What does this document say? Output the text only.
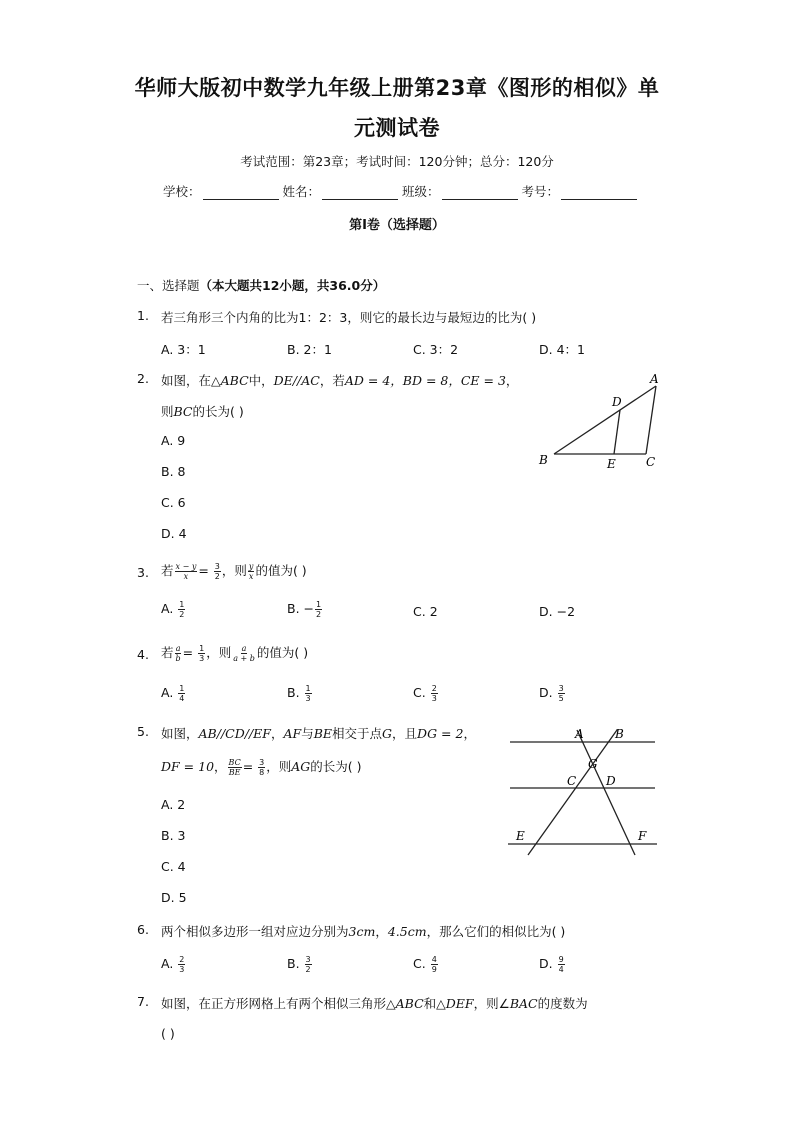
华师大版初中数学九年级上册第23章《图形的相似》单
元测试卷
考试范围：第23章；考试时间：120分钟；总分：120分
学校：	姓名：	班级：	考号：
第I卷（选择题）
一、选择题（本大题共12小题，共36.0分）
1. 若三角形三个内角的比为1：2：3，则它的最长边与最短边的比为( )
A. 3：1	B. 2：1	C. 3：2	D. 4：1
2. 如图，在△ABC中，DE//AC，若AD = 4，BD = 8，CE = 3，
则BC的长为( )
A. 9
B. 8
C. 6
D. 4
A
D
B	E	C
3. 若 $\frac{x - y}{x} = \frac{3}{2}$ ，则 $\frac{y}{x}$ 的值为( )
A. $\frac{1}{2}$	B. − $\frac{1}{2}$	C. 2	D. −2
4. 若 $\frac{a}{b} = \frac{1}{3}$ ，则 $\frac{a}{a + b}$ 的值为( )
A. $\frac{1}{4}$	B. $\frac{1}{3}$	C. $\frac{2}{3}$	D. $\frac{3}{5}$
5. 如图，AB//CD//EF，AF与BE相交于点G，且DG = 2，
DF = 10， $\frac{BC}{BE} = \frac{3}{8}$ ，则AG的长为( )
A. 2
B. 3
C. 4
D. 5
A	B
G
C D
E	F
6. 两个相似多边形一组对应边分别为3cm，4.5cm，那么它们的相似比为( )
A. $\frac{2}{3}$	B. $\frac{3}{2}$	C. $\frac{4}{9}$	D. $\frac{9}{4}$
7. 如图，在正方形网格上有两个相似三角形△ABC和△DEF，则∠BAC的度数为
( )
